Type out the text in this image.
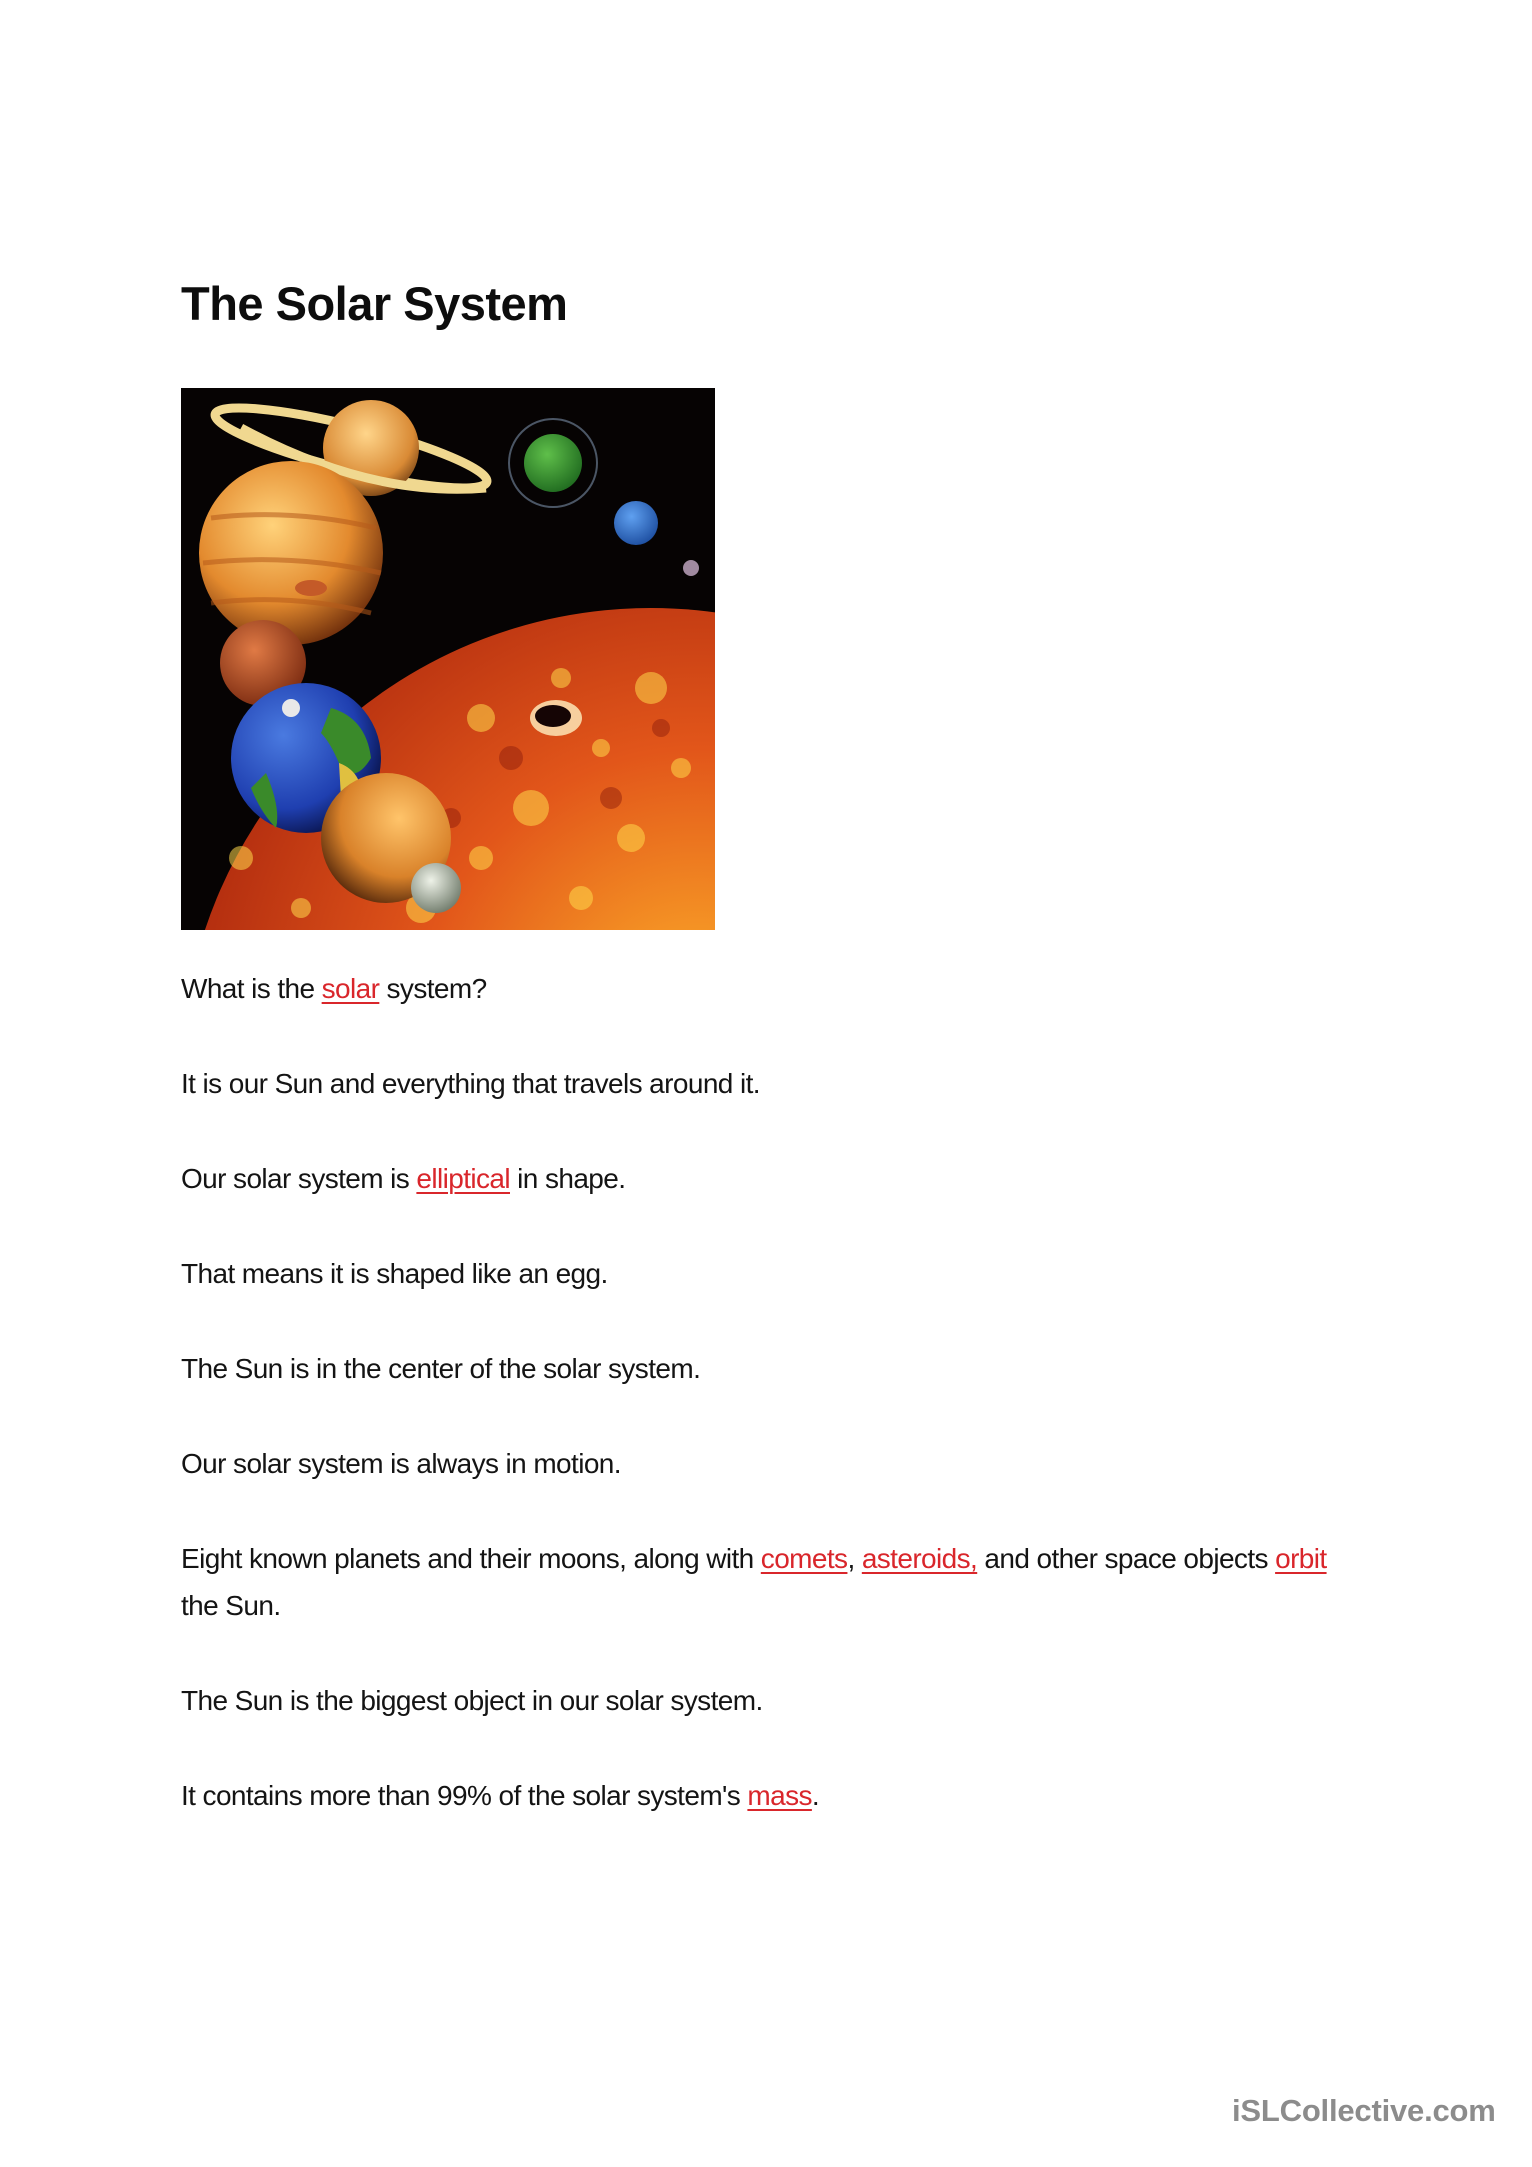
The Solar System

What is the solar system?

It is our Sun and everything that travels around it.

Our solar system is elliptical in shape.

That means it is shaped like an egg.

The Sun is in the center of the solar system.

Our solar system is always in motion.

Eight known planets and their moons, along with comets, asteroids, and other space objects orbit the Sun.

The Sun is the biggest object in our solar system.

It contains more than 99% of the solar system's mass.

iSLCollective.com
